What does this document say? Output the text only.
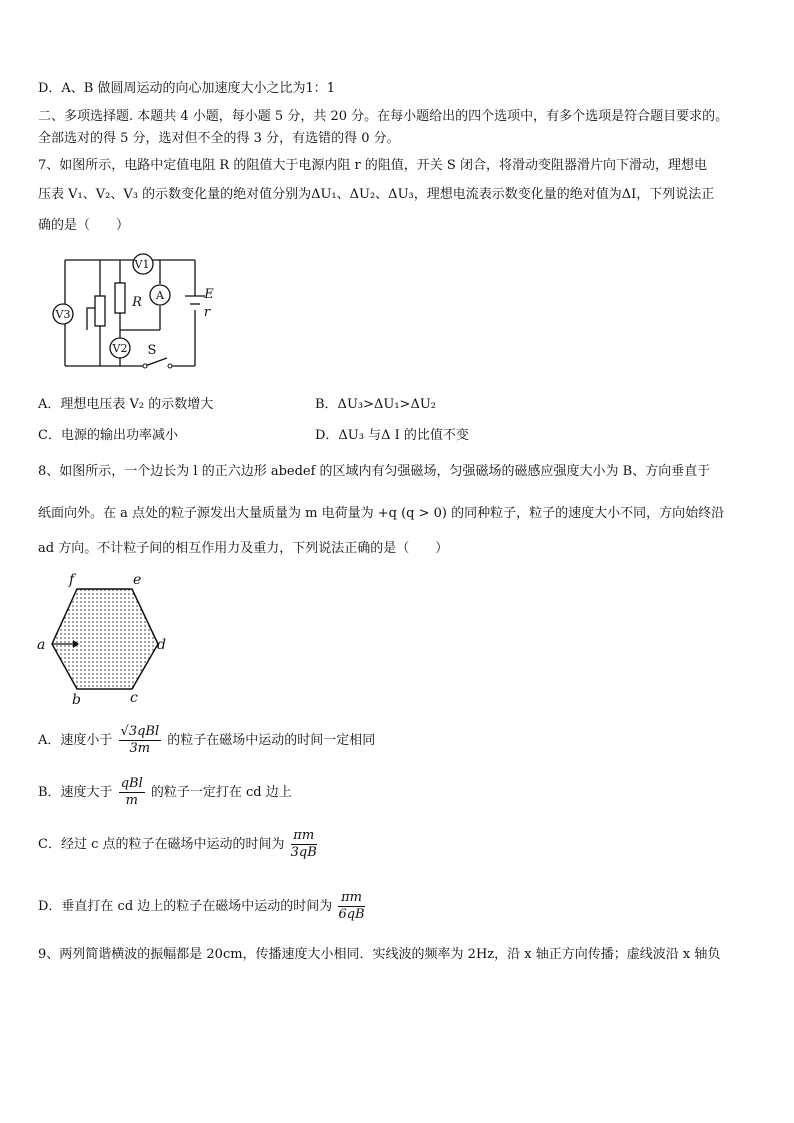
D．A、B 做圆周运动的向心加速度大小之比为1：1
二、多项选择题. 本题共 4 小题，每小题 5 分，共 20 分。在每小题给出的四个选项中，有多个选项是符合题目要求的。
全部选对的得 5 分，选对但不全的得 3 分，有选错的得 0 分。
7、如图所示，电路中定值电阻 R 的阻值大于电源内阻 r 的阻值，开关 S 闭合，将滑动变阻器滑片向下滑动，理想电
压表 V₁、V₂、V₃ 的示数变化量的绝对值分别为ΔU₁、ΔU₂、ΔU₃，理想电流表示数变化量的绝对值为ΔI，下列说法正
确的是（　　）
V1
A
V2
V3
R
E
r
S
A．理想电压表 V₂ 的示数增大	B．ΔU₃>ΔU₁>ΔU₂
C．电源的输出功率减小	D．ΔU₃ 与Δ I 的比值不变
8、如图所示，一个边长为 l 的正六边形 abedef 的区域内有匀强磁场，匀强磁场的磁感应强度大小为 B、方向垂直于
纸面向外。在 a 点处的粒子源发出大量质量为 m 电荷量为 +q (q > 0) 的同种粒子，粒子的速度大小不同，方向始终沿
ad 方向。不计粒子间的相互作用力及重力，下列说法正确的是（　　）
a
b	c
d
e
f
A．速度小于 $\frac{\text{√3qBl}}{3m}$ 的粒子在磁场中运动的时间一定相同
B．速度大于 $\frac{\text{qBl}}{m}$ 的粒子一定打在 cd 边上
C．经过 c 点的粒子在磁场中运动的时间为 $\frac{\pi m}{3qB}$
D．垂直打在 cd 边上的粒子在磁场中运动的时间为 $\frac{\pi m}{6qB}$
9、两列简谐横波的振幅都是 20cm，传播速度大小相同．实线波的频率为 2Hz，沿 x 轴正方向传播；虚线波沿 x 轴负
